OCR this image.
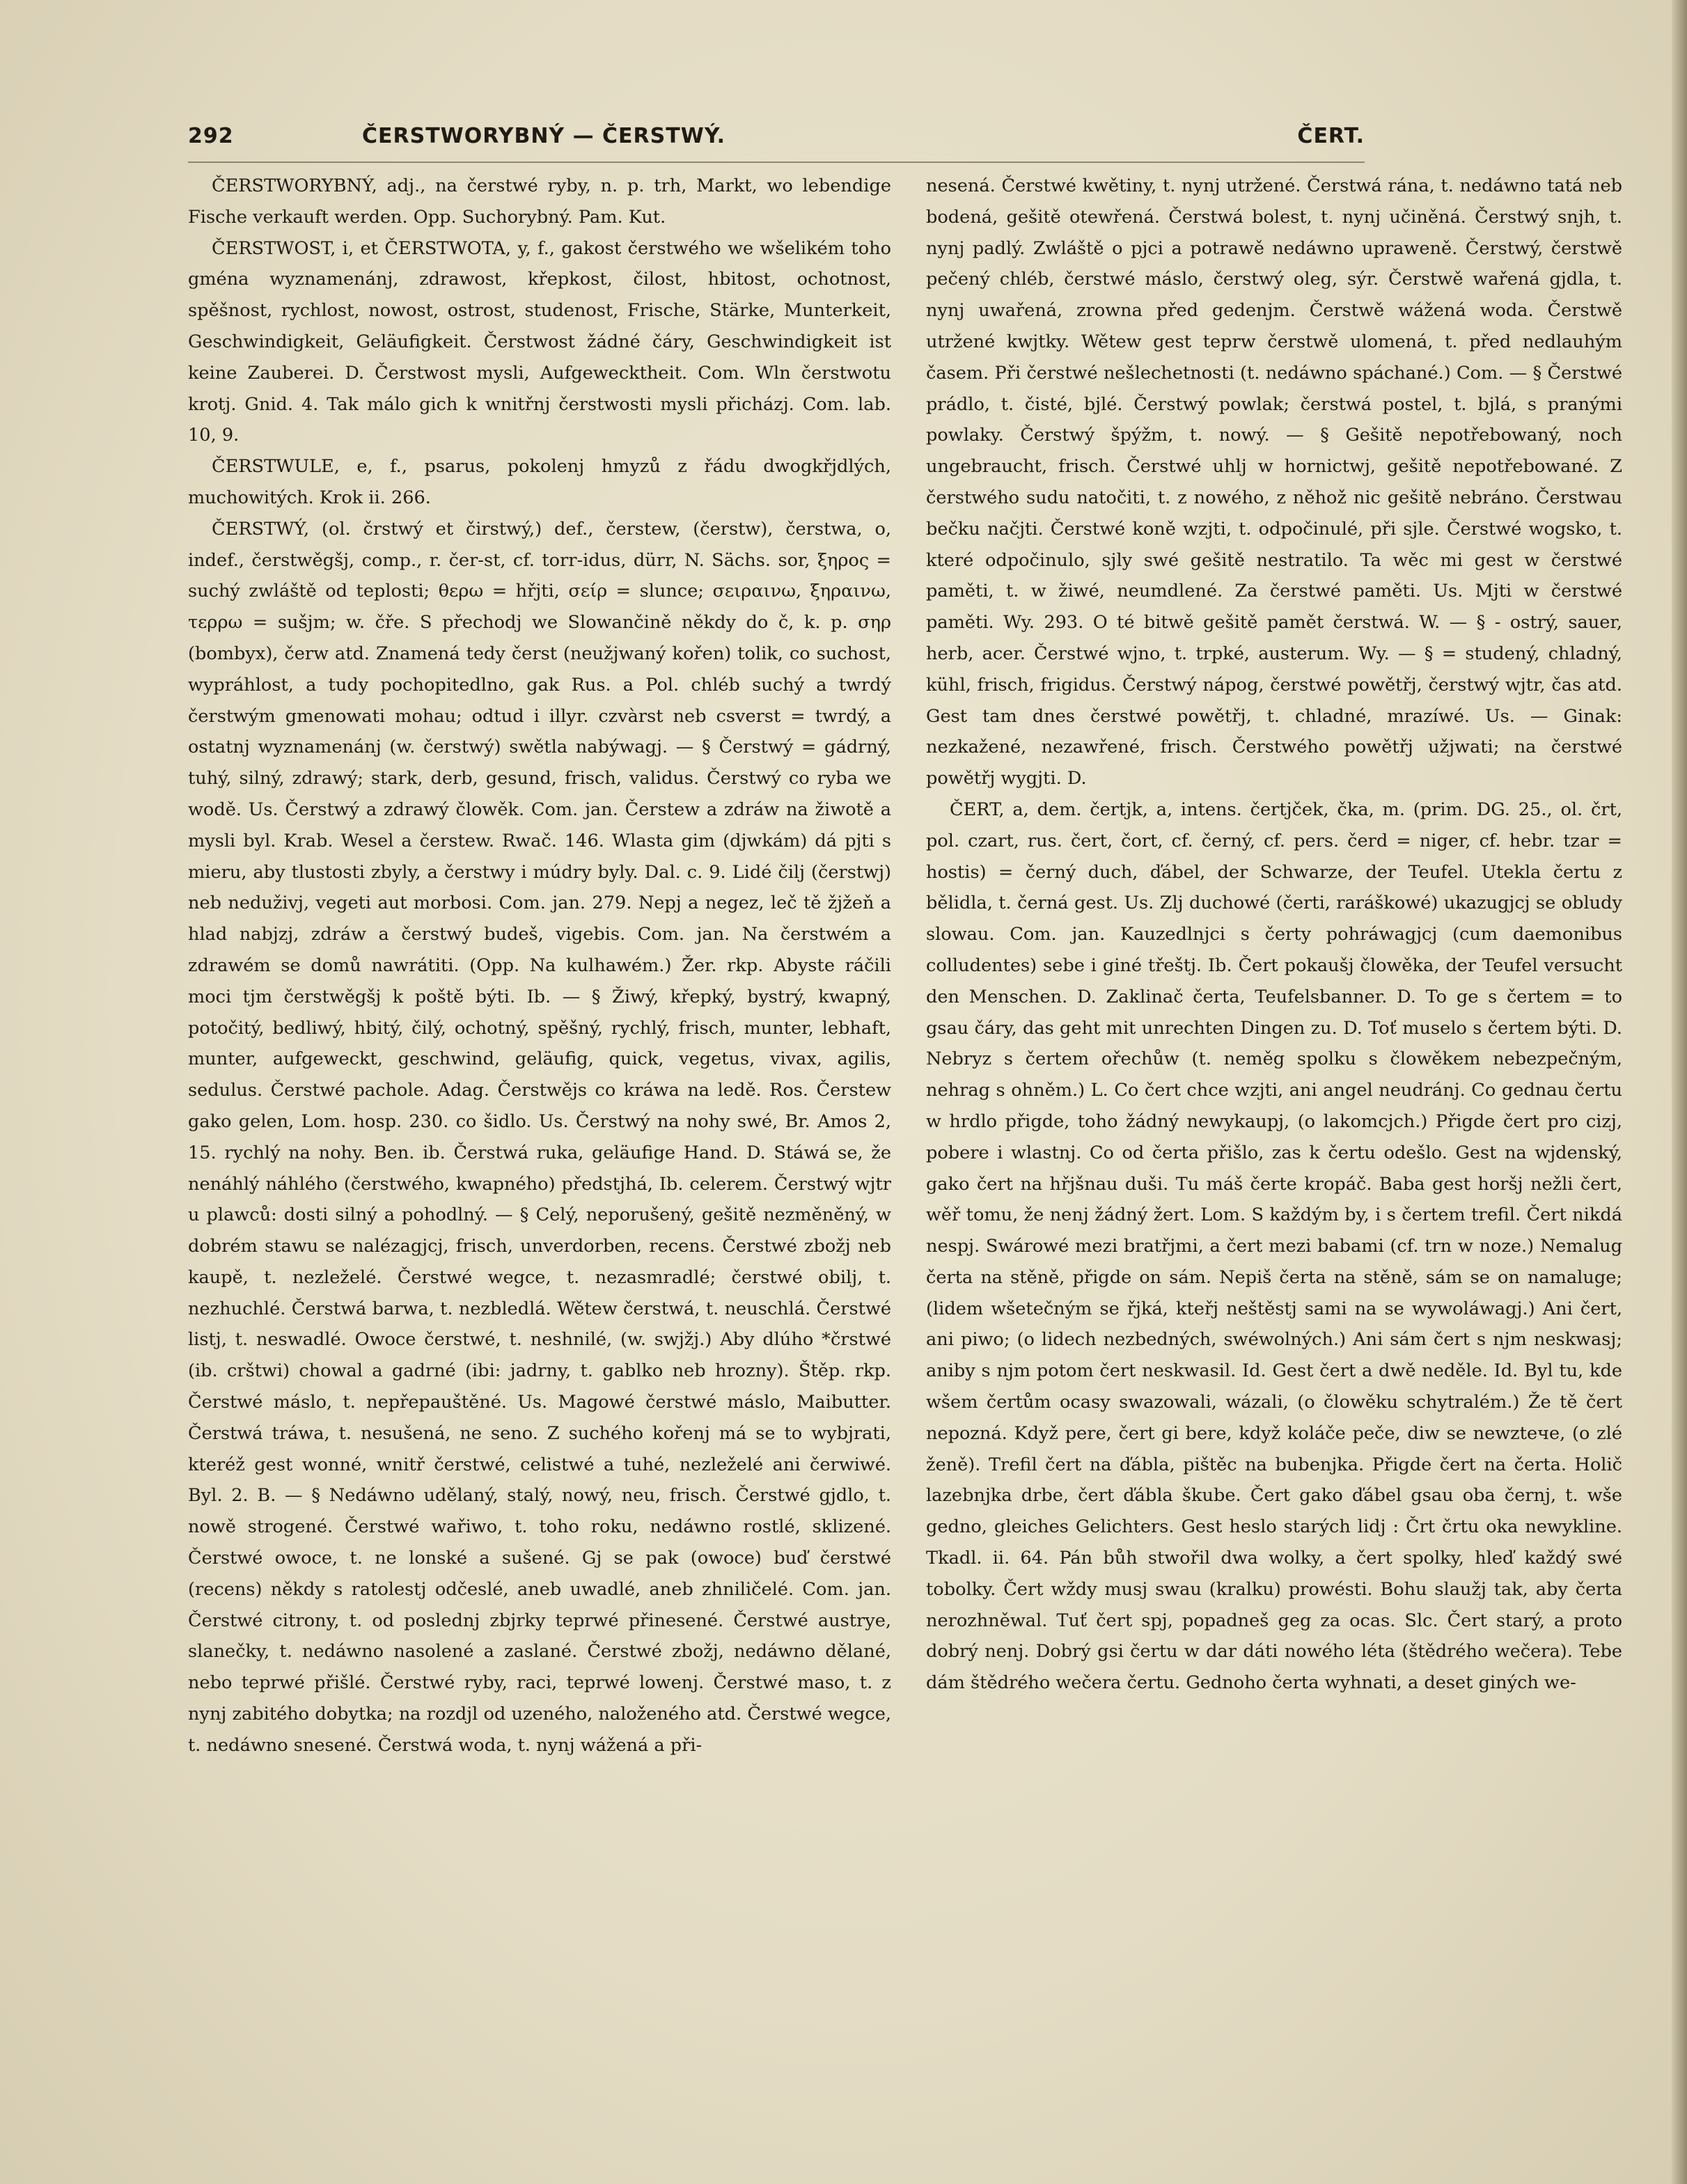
292	ČERSTWORYBNÝ — ČERSTWÝ.	ČERT.

ČERSTWORYBNÝ, adj., na čerstwé ryby, n. p. trh, Markt, wo lebendige Fische verkauft werden. Opp. Suchorybný. Pam. Kut.

ČERSTWOST, i, et ČERSTWOTA, y, f., gakost čerstwého we wšelikém toho gména wyznamenánj, zdrawost, křepkost, čilost, hbitost, ochotnost, spěšnost, rychlost, nowost, ostrost, studenost, Frische, Stärke, Munterkeit, Geschwindigkeit, Geläufigkeit. Čerstwost žádné čáry, Geschwindigkeit ist keine Zauberei. D. Čerstwost mysli, Aufgewecktheit. Com. Wln čerstwotu krotj. Gnid. 4. Tak málo gich k wnitřnj čerstwosti mysli přicházj. Com. lab. 10, 9.

ČERSTWULE, e, f., psarus, pokolenj hmyzů z řádu dwogkřjdlých, muchowitých. Krok ii. 266.

ČERSTWÝ, (ol. črstwý et čirstwý,) def., čerstew, (čerstw), čerstwa, o, indef., čerstwěgšj, comp., r. čer-st, cf. torr-idus, dürr, N. Sächs. sor, ξηρος = suchý zwláště od teplosti; θερω = hřjti, σείρ = slunce; σειραινω, ξηραινω, τερρω = sušjm; w. čře. S přechodj we Slowančině někdy do č, k. p. σηρ (bombyx), čerw atd. Znamená tedy čerst (neužjwaný kořen) tolik, co suchost, wypráhlost, a tudy pochopitedlno, gak Rus. a Pol. chléb suchý a twrdý čerstwým gmenowati mohau; odtud i illyr. czvàrst neb csverst = twrdý, a ostatnj wyznamenánj (w. čerstwý) swětla nabýwagj. — § Čerstwý = gádrný, tuhý, silný, zdrawý; stark, derb, gesund, frisch, validus. Čerstwý co ryba we wodě. Us. Čerstwý a zdrawý člowěk. Com. jan. Čerstew a zdráw na žiwotě a mysli byl. Krab. Wesel a čerstew. Rwač. 146. Wlasta gim (djwkám) dá pjti s mieru, aby tlustosti zbyly, a čerstwy i múdry byly. Dal. c. 9. Lidé čilj (čerstwj) neb neduživj, vegeti aut morbosi. Com. jan. 279. Nepj a negez, leč tě žjžeň a hlad nabjzj, zdráw a čerstwý budeš, vigebis. Com. jan. Na čerstwém a zdrawém se domů nawrátiti. (Opp. Na kulhawém.) Žer. rkp. Abyste ráčili moci tjm čerstwěgšj k poště býti. Ib. — § Žiwý, křepký, bystrý, kwapný, potočitý, bedliwý, hbitý, čilý, ochotný, spěšný, rychlý, frisch, munter, lebhaft, munter, aufgeweckt, geschwind, geläufig, quick, vegetus, vivax, agilis, sedulus. Čerstwé pacholе. Adag. Čerstwějs co kráwa na ledě. Ros. Čerstew gako gelen, Lom. hosp. 230. co šidlo. Us. Čerstwý na nohy swé, Br. Amos 2, 15. rychlý na nohy. Ben. ib. Čerstwá ruka, geläufige Hand. D. Stáwá se, že nenáhlý náhlého (čerstwého, kwapného) předstjhá, Ib. celerem. Čerstwý wjtr u plawců: dosti silný a pohodlný. — § Celý, neporušený, gešitě nezměněný, w dobrém stawu se nalézagjcj, frisch, unverdorben, recens. Čerstwé zbožj neb kaupě, t. nezležеlé. Čerstwé wegce, t. nezasmradlé; čerstwé obilj, t. nezhuchlé. Čerstwá barwa, t. nezbledlá. Wětew čerstwá, t. neuschlá. Čerstwé listj, t. neswadlé. Owoce čerstwé, t. neshnilé, (w. swjžj.) Aby dlúho *črstwé (ib. crštwi) chowal a gadrné (ibi: jadrny, t. gablko neb hrozny). Štěp. rkp. Čerstwé máslo, t. nepřepauštěné. Us. Magowé čerstwé máslo, Maibutter. Čerstwá tráwa, t. nesušená, ne seno. Z suchého kořenj má se to wybjrati, kteréž gest wonné, wnitř čerstwé, celistwé a tuhé, nezleželé ani čerwiwé. Byl. 2. B. — § Nedáwno udělaný, stalý, nowý, neu, frisch. Čerstwé gjdlo, t. nowě strogené. Čerstwé wařiwo, t. toho roku, nedáwno rostlé, sklizené. Čerstwé owoce, t. ne lonské a sušené. Gj se pak (owoce) buď čerstwé (recens) někdy s ratolestj odčeslé, aneb uwadlé, aneb zhniličelé. Com. jan. Čerstwé citrony, t. od poslednj zbjrky teprwé přinesené. Čerstwé austrye, slanečky, t. nedáwno nasolené a zaslané. Čerstwé zbožj, nedáwno dělané, nebo teprwé přišlé. Čerstwé ryby, raci, teprwé lowenj. Čerstwé maso, t. z nynj zabitého dobytka; na rozdjl od uzeného, naloženého atd. Čerstwé wegce, t. nedáwno snesené. Čerstwá woda, t. nynj wážená a při-

nesená. Čerstwé kwětiny, t. nynj utržené. Čerstwá rána, t. nedáwno tatá neb bodená, gešitě otewřená. Čerstwá bolest, t. nynj učiněná. Čerstwý snjh, t. nynj padlý. Zwláště o pjci a potrawě nedáwno upraweně. Čerstwý, čerstwě pečený chléb, čerstwé máslo, čerstwý oleg, sýr. Čerstwě wařená gjdla, t. nynj uwařená, zrowna před gedenjm. Čerstwě wážená woda. Čerstwě utržené kwjtky. Wětew gest teprw čerstwě ulomená, t. před nedlauhým časem. Při čerstwé nešlechetnosti (t. nedáwno spáchané.) Com. — § Čerstwé prádlo, t. čisté, bjlé. Čerstwý powlak; čerstwá postel, t. bjlá, s pranými powlaky. Čerstwý špýžm, t. nowý. — § Gešitě nepotřebowaný, noch ungebraucht, frisch. Čerstwé uhlj w horniсtwj, gešitě nepotřebowané. Z čerstwého sudu natočiti, t. z nowého, z něhož nic gešitě nebráno. Čerstwau bečku načjti. Čerstwé koně wzjti, t. odpočinulé, při sjle. Čerstwé wogsko, t. které odpočinulo, sjly swé gešitě nestratilo. Ta wěc mi gest w čerstwé paměti, t. w žiwé, neumdlené. Za čerstwé paměti. Us. Mjti w čerstwé paměti. Wy. 293. O té bitwě gešitě pamět čerstwá. W. — § - ostrý, sauer, herb, acer. Čerstwé wjno, t. trpké, austerum. Wy. — § = studený, chladný, kühl, frisch, frigidus. Čerstwý nápog, čerstwé powětřj, čerstwý wjtr, čas atd. Gest tam dnes čerstwé powětřj, t. chladné, mrazíwé. Us. — Ginak: nezkažené, nezawřené, frisch. Čerstwého powětřj užjwati; na čerstwé powětřj wygjti. D.

ČERT, a, dem. čertjk, a, intens. čertjček, čka, m. (prim. DG. 25., ol. črt, pol. czart, rus. čert, čort, cf. černý, cf. pers. čerd = niger, cf. hebr. tzar = hostis) = černý duch, ďábel, der Schwarze, der Teufel. Utekla čertu z bělidla, t. černá gest. Us. Zlj duchowé (čerti, raráškowé) ukazugjcj se obludy slowau. Com. jan. Kauzedlnjci s čerty pohráwagjcj (cum daemonibus colludentes) sebe i giné třeštj. Ib. Čert pokaušj člowěka, der Teufel versucht den Menschen. D. Zaklinač čerta, Teufelsbanner. D. To ge s čertem = to gsau čáry, das geht mit unrechten Dingen zu. D. Toť muselo s čertem býti. D. Nebryz s čertem ořechůw (t. neměg spolku s člowěkem nebezpečným, nehrag s ohněm.) L. Co čert chce wzjti, ani angel neudránj. Co gednau čertu w hrdlo přigde, toho žádný newykaupj, (o lakomcjch.) Přigde čert pro cizj, pobere i wlastnj. Co od čerta přišlo, zas k čertu odešlo. Gest na wjdenský, gako čert na hřjšnau duši. Tu máš čerte kropáč. Baba gest horšj nežli čert, wěř tomu, že nenj žádný žert. Lom. S každým by, i s čertem trefil. Čert nikdá nespj. Swárowé mezi bratřjmi, a čert mezi babami (cf. trn w noze.) Nemalug čerta na stěně, přigde on sám. Nepiš čerta na stěně, sám se on namaluge; (lidem wšetečným se řjká, kteřj neštěstj sami na se wywoláwagj.) Ani čert, ani piwo; (o lidech nezbedných, swéwolných.) Ani sám čert s njm neskwasj; aniby s njm potom čert neskwasil. Id. Gest čert a dwě neděle. Id. Byl tu, kde wšem čertům ocasy swazowali, wázali, (o člowěku schytralém.) Že tě čert nepozná. Když pere, čert gi bere, když koláče peče, diw se newztече, (o zlé ženě). Trefil čert na ďábla, pištěc na bubenjka. Přigde čert na čerta. Holič lazebnjka drbe, čert ďábla škube. Čert gako ďábel gsau oba černj, t. wše gedno, gleiches Gelichters. Gest heslo starých lidj : Črt črtu oka newykline. Tkadl. ii. 64. Pán bůh stwořil dwa wolky, a čert spolky, hleď každý swé tobolky. Čert wždy musj swau (kralku) prowésti. Bohu slaužj tak, aby čerta nerozhněwal. Tuť čert spj, popadneš geg za ocas. Slc. Čert starý, a proto dobrý nenj. Dobrý gsi čertu w dar dáti nowého léta (štědrého wečera). Tebe dám štědrého wečera čertu. Gednoho čerta wyhnati, a deset giných we-
